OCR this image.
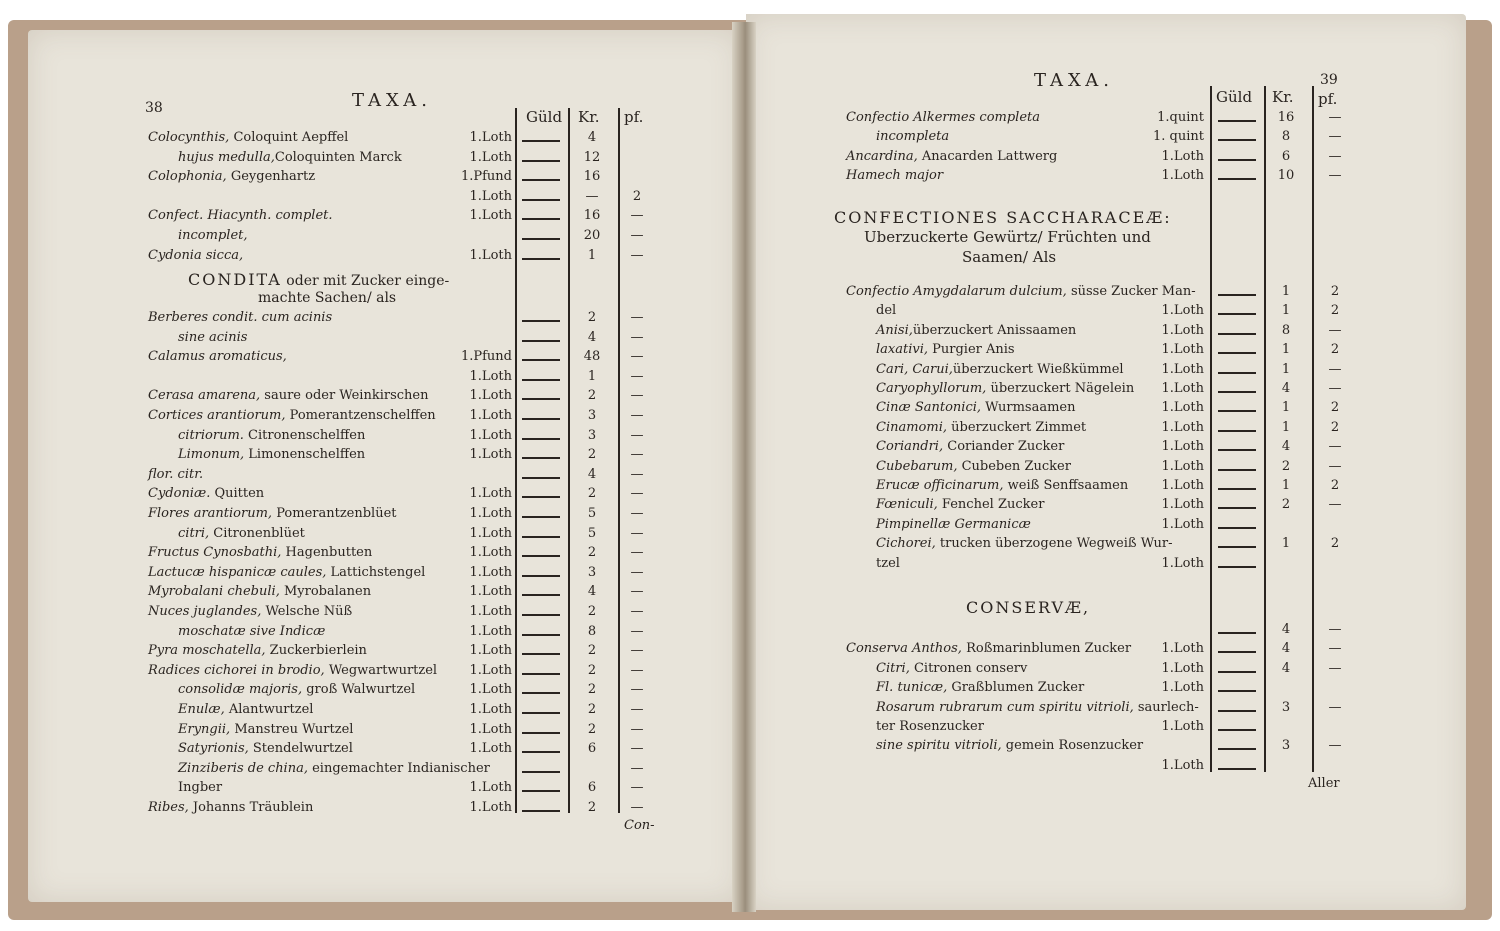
38	TAXA.
Güld Kr. pf.
Colocynthis, Coloquint Aepffel	1.Loth	4
hujus medulla,Coloquinten Marck	1.Loth	12
Colophonia, Geygenhartz	1.Pfund	16
1.Loth	—	2
Confect. Hiacynth. complet.	1.Loth	16	—
incomplet,	20	—
Cydonia sicca,	1.Loth	1	—
CONDITA oder mit Zucker einge-
machte Sachen/ als
Berberes condit. cum acinis	2	—
sine acinis	4	—
Calamus aromaticus,	1.Pfund	48	—
1.Loth	1	—
Cerasa amarena, saure oder Weinkirschen	1.Loth	2	—
Cortices arantiorum, Pomerantzenschelffen	1.Loth	3	—
citriorum. Citronenschelffen	1.Loth	3	—
Limonum, Limonenschelffen	1.Loth	2	—
flor. citr.	4	—
Cydoniæ. Quitten	1.Loth	2	—
Flores arantiorum, Pomerantzenblüet	1.Loth	5	—
citri, Citronenblüet	1.Loth	5	—
Fructus Cynosbathi, Hagenbutten	1.Loth	2	—
Lactucæ hispanicæ caules, Lattichstengel	1.Loth	3	—
Myrobalani chebuli, Myrobalanen	1.Loth	4	—
Nuces juglandes, Welsche Nüß	1.Loth	2	—
moschatæ sive Indicæ	1.Loth	8	—
Pyra moschatella, Zuckerbierlein	1.Loth	2	—
Radices cichorei in brodio, Wegwartwurtzel	1.Loth	2	—
consolidæ majoris, groß Walwurtzel	1.Loth	2	—
Enulæ, Alantwurtzel	1.Loth	2	—
Eryngii, Manstreu Wurtzel	1.Loth	2	—
Satyrionis, Stendelwurtzel	1.Loth	6	—
Zinziberis de china, eingemachter Indianischer	—
Ingber	1.Loth	6	—
Ribes, Johanns Träublein	1.Loth	2	—
Con-
TAXA.	39
Güld Kr. pf.
Confectio Alkermes completa	1.quint	16	—
incompleta	1. quint	8	—
Ancardina, Anacarden Lattwerg	1.Loth	6	—
Hamech major	1.Loth	10	—
CONFECTIONES SACCHARACEÆ:
Uberzuckerte Gewürtz/ Früchten und
Saamen/ Als
Confectio Amygdalarum dulcium, süsse Zucker Man-	1	2
del	1.Loth	1	2
Anisi,überzuckert Anissaamen	1.Loth	8	—
laxativi, Purgier Anis	1.Loth	1	2
Cari, Carui,überzuckert Wießkümmel	1.Loth	1	—
Caryophyllorum, überzuckert Nägelein	1.Loth	4	—
Cinæ Santonici, Wurmsaamen	1.Loth	1	2
Cinamomi, überzuckert Zimmet	1.Loth	1	2
Coriandri, Coriander Zucker	1.Loth	4	—
Cubebarum, Cubeben Zucker	1.Loth	2	—
Erucæ officinarum, weiß Senffsaamen	1.Loth	1	2
Fœniculi, Fenchel Zucker	1.Loth	2	—
Pimpinellæ Germanicæ	1.Loth
Cichorei, trucken überzogene Wegweiß Wur-	1	2
tzel	1.Loth
CONSERVÆ,
4	—
Conserva Anthos, Roßmarinblumen Zucker	1.Loth	4	—
Citri, Citronen conserv	1.Loth	4	—
Fl. tunicæ, Graßblumen Zucker	1.Loth
Rosarum rubrarum cum spiritu vitrioli, saurlech-	3	—
ter Rosenzucker	1.Loth
sine spiritu vitrioli, gemein Rosenzucker	3	—
1.Loth
Aller
